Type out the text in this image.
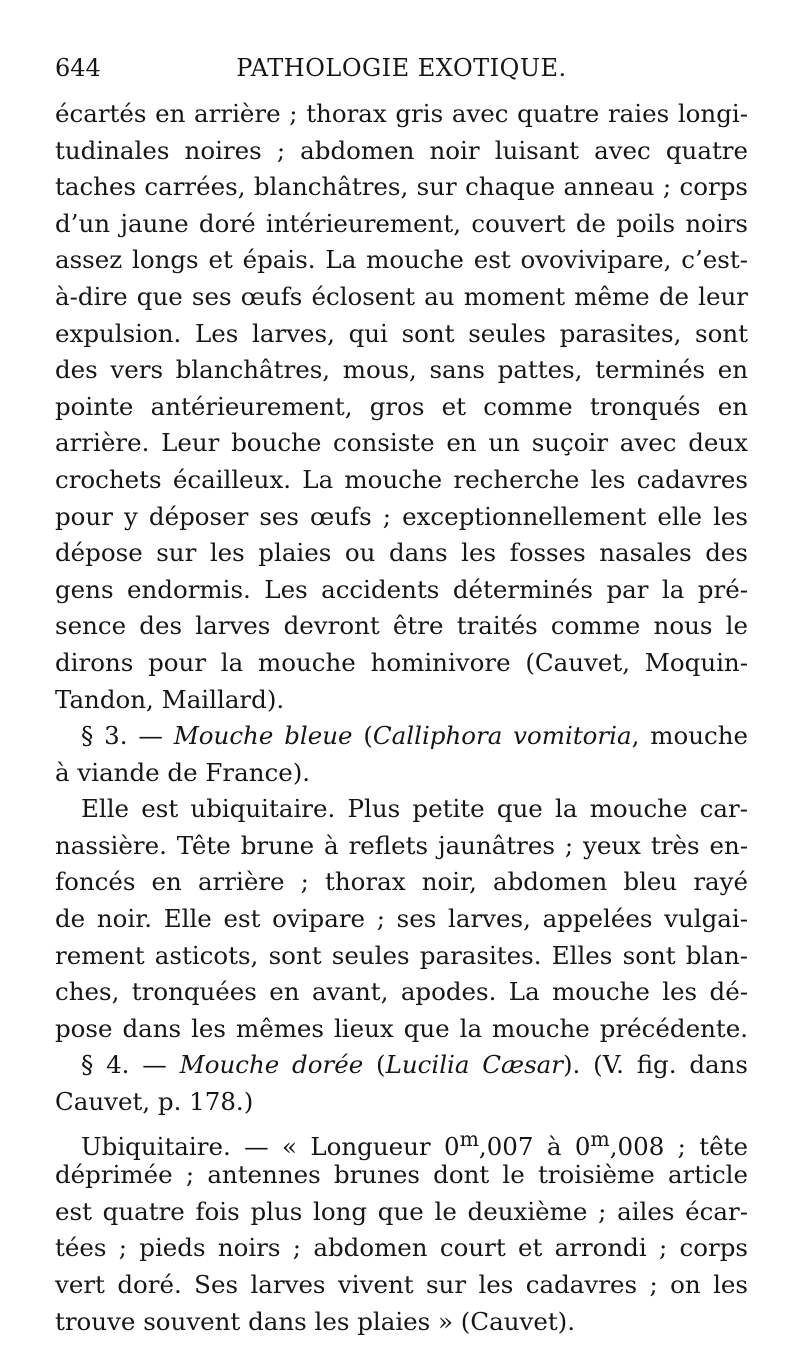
644	PATHOLOGIE EXOTIQUE.
écartés en arrière ; thorax gris avec quatre raies longi-
tudinales noires ; abdomen noir luisant avec quatre
taches carrées, blanchâtres, sur chaque anneau ; corps
d’un jaune doré intérieurement, couvert de poils noirs
assez longs et épais. La mouche est ovovivipare, c’est-
à-dire que ses œufs éclosent au moment même de leur
expulsion. Les larves, qui sont seules parasites, sont
des vers blanchâtres, mous, sans pattes, terminés en
pointe antérieurement, gros et comme tronqués en
arrière. Leur bouche consiste en un suçoir avec deux
crochets écailleux. La mouche recherche les cadavres
pour y déposer ses œufs ; exceptionnellement elle les
dépose sur les plaies ou dans les fosses nasales des
gens endormis. Les accidents déterminés par la pré-
sence des larves devront être traités comme nous le
dirons pour la mouche hominivore (Cauvet, Moquin-
Tandon, Maillard).
§ 3. — Mouche bleue (Calliphora vomitoria, mouche
à viande de France).
Elle est ubiquitaire. Plus petite que la mouche car-
nassière. Tête brune à reflets jaunâtres ; yeux très en-
foncés en arrière ; thorax noir, abdomen bleu rayé
de noir. Elle est ovipare ; ses larves, appelées vulgai-
rement asticots, sont seules parasites. Elles sont blan-
ches, tronquées en avant, apodes. La mouche les dé-
pose dans les mêmes lieux que la mouche précédente.
§ 4. — Mouche dorée (Lucilia Cæsar). (V. fig. dans
Cauvet, p. 178.)
Ubiquitaire. — « Longueur 0$^m$,007 à 0$^m$,008 ; tête
déprimée ; antennes brunes dont le troisième article
est quatre fois plus long que le deuxième ; ailes écar-
tées ; pieds noirs ; abdomen court et arrondi ; corps
vert doré. Ses larves vivent sur les cadavres ; on les
trouve souvent dans les plaies » (Cauvet).
